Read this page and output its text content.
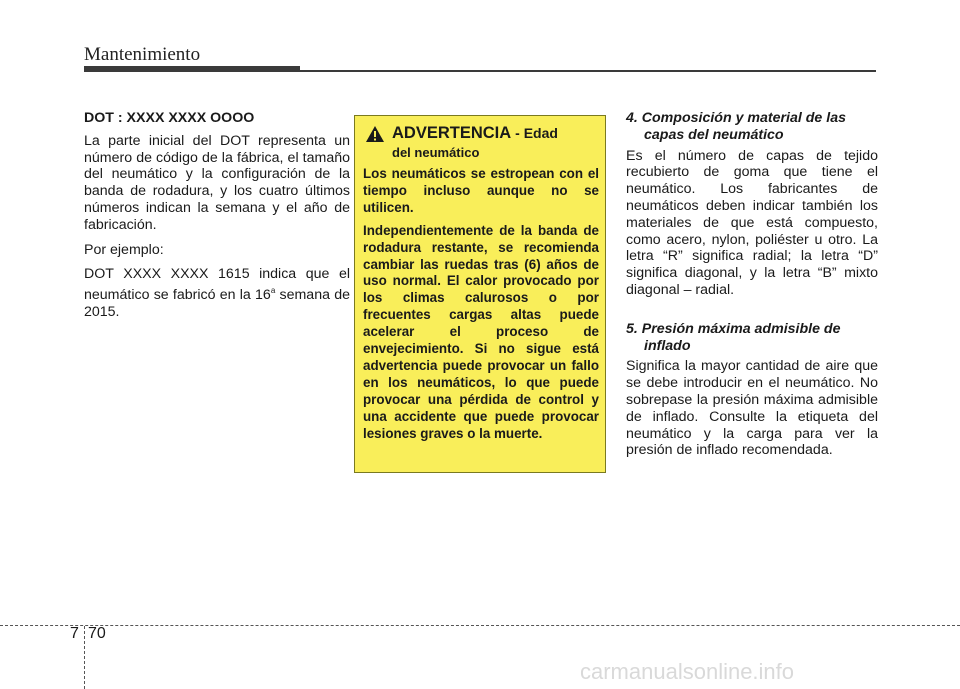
Mantenimiento

DOT : XXXX XXXX OOOO

La parte inicial del DOT representa un número de código de la fábrica, el tamaño del neumático y la configuración de la banda de rodadura, y los cuatro últimos números indican la semana y el año de fabricación.

Por ejemplo:

DOT XXXX XXXX 1615 indica que el neumático se fabricó en la 16$^a$ semana de 2015.

ADVERTENCIA - Edad
del neumático

Los neumáticos se estropean con el tiempo incluso aunque no se utilicen.

Independientemente de la banda de rodadura restante, se recomienda cambiar las ruedas tras (6) años de uso normal. El calor provocado por los climas calurosos o por frecuentes cargas altas puede acelerar el proceso de envejecimiento. Si no sigue está advertencia puede provocar un fallo en los neumáticos, lo que puede provocar una pérdida de control y una accidente que puede provocar lesiones graves o la muerte.

4. Composición y material de las capas del neumático

Es el número de capas de tejido recubierto de goma que tiene el neumático. Los fabricantes de neumáticos deben indicar también los materiales de que está compuesto, como acero, nylon, poliéster u otro. La letra “R” significa radial; la letra “D” significa diagonal, y la letra “B” mixto diagonal – radial.

5. Presión máxima admisible de inflado

Significa la mayor cantidad de aire que se debe introducir en el neumático. No sobrepase la presión máxima admisible de inflado. Consulte la etiqueta del neumático y la carga para ver la presión de inflado recomendada.

7 70
carmanualsonline.info
